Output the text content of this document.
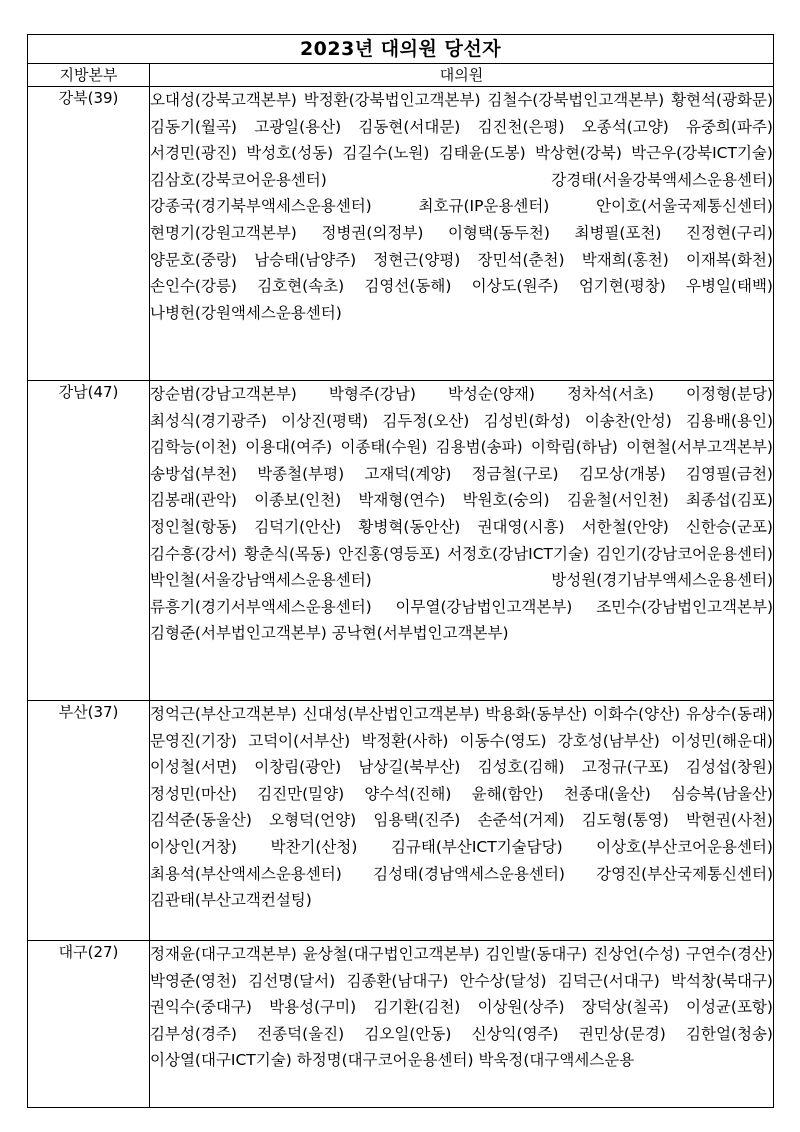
2023년 대의원 당선자	
지방본부	대의원
강북(39)	오대성(강북고객본부) 박정환(강북법인고객본부) 김철수(강북법인고객본부) 황현석(광화문) 김동기(월곡) 고광일(용산) 김동현(서대문) 김진천(은평) 오종석(고양) 유중희(파주) 서경민(광진) 박성호(성동) 김길수(노원) 김태윤(도봉) 박상현(강북) 박근우(강북ICT기술) 김삼호(강북코어운용센터) 강경태(서울강북액세스운용센터) 강종국(경기북부액세스운용센터) 최호규(IP운용센터) 안이호(서울국제통신센터) 현명기(강원고객본부) 정병권(의정부) 이형택(동두천) 최병필(포천) 진정현(구리) 양문호(중랑) 남승태(남양주) 정현근(양평) 장민석(춘천) 박재희(홍천) 이재복(화천) 손인수(강릉) 김호현(속초) 김영선(동해) 이상도(원주) 엄기현(평창) 우병일(태백) 나병헌(강원액세스운용센터)
강남(47)	장순범(강남고객본부) 박형주(강남) 박성순(양재) 정차석(서초) 이정형(분당) 최성식(경기광주) 이상진(평택) 김두정(오산) 김성빈(화성) 이송찬(안성) 김용배(용인) 김학능(이천) 이용대(여주) 이종태(수원) 김용범(송파) 이학림(하남) 이현철(서부고객본부) 송방섭(부천) 박종철(부평) 고재덕(계양) 정금철(구로) 김모상(개봉) 김영필(금천) 김봉래(관악) 이종보(인천) 박재형(연수) 박원호(숭의) 김윤철(서인천) 최종섭(김포) 정인철(항동) 김덕기(안산) 황병혁(동안산) 권대영(시흥) 서한철(안양) 신한승(군포) 김수흥(강서) 황춘식(목동) 안진홍(영등포) 서정호(강남ICT기술) 김인기(강남코어운용센터) 박인철(서울강남액세스운용센터) 방성원(경기남부액세스운용센터) 류흥기(경기서부액세스운용센터) 이무열(강남법인고객본부) 조민수(강남법인고객본부) 김형준(서부법인고객본부) 공낙현(서부법인고객본부)
부산(37)	정억근(부산고객본부) 신대성(부산법인고객본부) 박용화(동부산) 이화수(양산) 유상수(동래) 문영진(기장) 고덕이(서부산) 박정환(사하) 이동수(영도) 강호성(남부산) 이성민(해운대) 이성철(서면) 이창림(광안) 남상길(북부산) 김성호(김해) 고정규(구포) 김성섭(창원) 정성민(마산) 김진만(밀양) 양수석(진해) 윤해(함안) 천종대(울산) 심승복(남울산) 김석준(동울산) 오형덕(언양) 임용택(진주) 손준석(거제) 김도형(통영) 박현권(사천) 이상인(거창) 박찬기(산청) 김규태(부산ICT기술담당) 이상호(부산코어운용센터) 최용석(부산액세스운용센터) 김성태(경남액세스운용센터) 강영진(부산국제통신센터) 김관태(부산고객컨설팅)
대구(27)	정재윤(대구고객본부) 윤상철(대구법인고객본부) 김인발(동대구) 진상언(수성) 구연수(경산) 박영준(영천) 김선명(달서) 김종환(남대구) 안수상(달성) 김덕근(서대구) 박석창(북대구) 권익수(중대구) 박용성(구미) 김기환(김천) 이상원(상주) 장덕상(칠곡) 이성균(포항) 김부성(경주) 전종덕(울진) 김오일(안동) 신상익(영주) 권민상(문경) 김한얼(청송) 이상열(대구ICT기술) 하정명(대구코어운용센터) 박욱정(대구액세스운용
